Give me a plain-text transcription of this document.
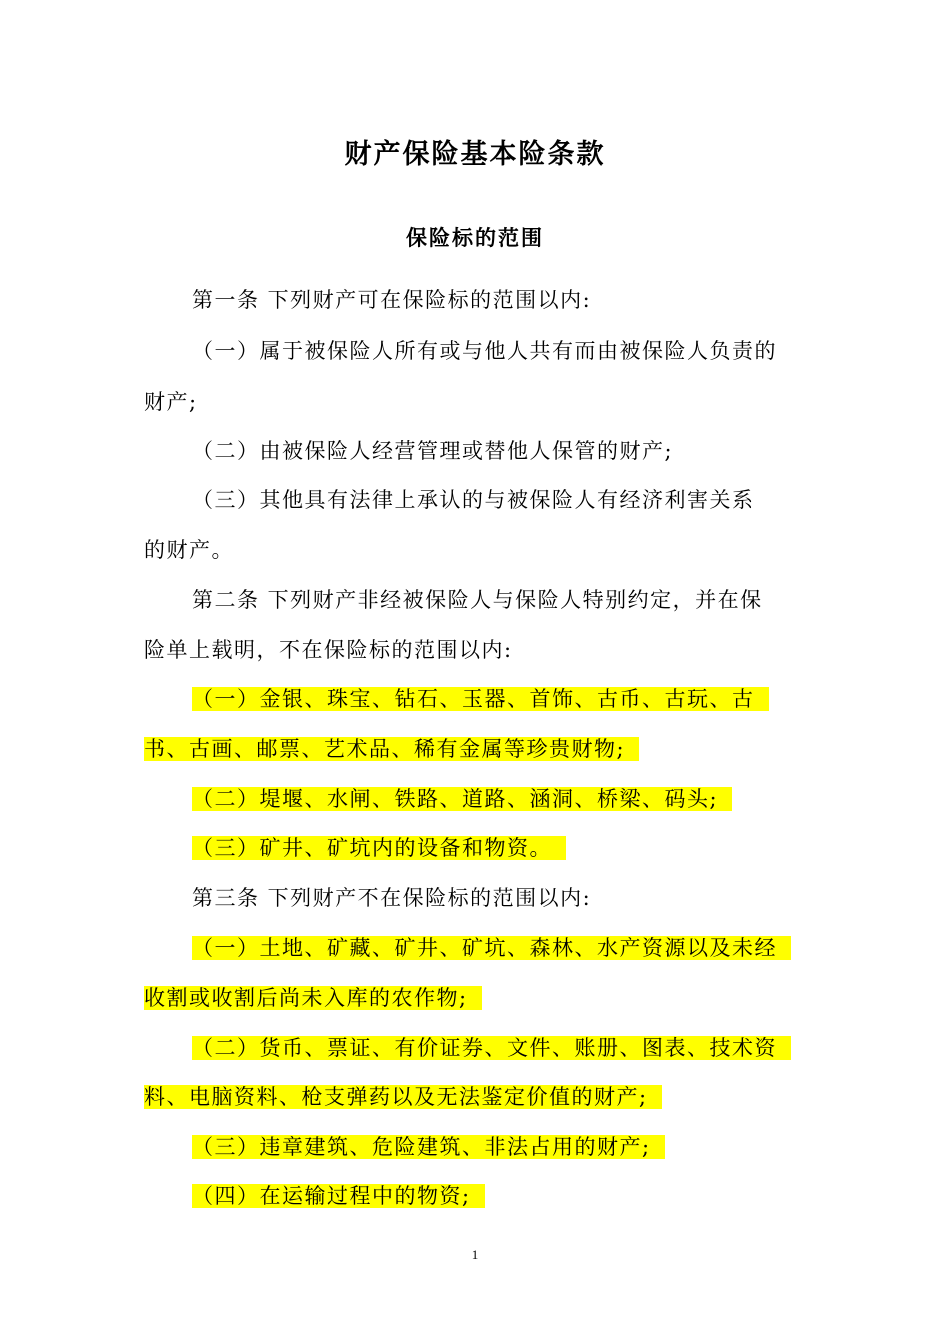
财产保险基本险条款
保险标的范围
第一条 下列财产可在保险标的范围以内:
（一）属于被保险人所有或与他人共有而由被保险人负责的
财产;
（二）由被保险人经营管理或替他人保管的财产;
（三）其他具有法律上承认的与被保险人有经济利害关系
的财产。
第二条 下列财产非经被保险人与保险人特别约定，并在保
险单上载明，不在保险标的范围以内:
（一）金银、珠宝、钻石、玉器、首饰、古币、古玩、古
书、古画、邮票、艺术品、稀有金属等珍贵财物;
（二）堤堰、水闸、铁路、道路、涵洞、桥梁、码头;
（三）矿井、矿坑内的设备和物资。
第三条 下列财产不在保险标的范围以内:
（一）土地、矿藏、矿井、矿坑、森林、水产资源以及未经
收割或收割后尚未入库的农作物;
（二）货币、票证、有价证券、文件、账册、图表、技术资
料、电脑资料、枪支弹药以及无法鉴定价值的财产;
（三）违章建筑、危险建筑、非法占用的财产;
（四）在运输过程中的物资;
1
